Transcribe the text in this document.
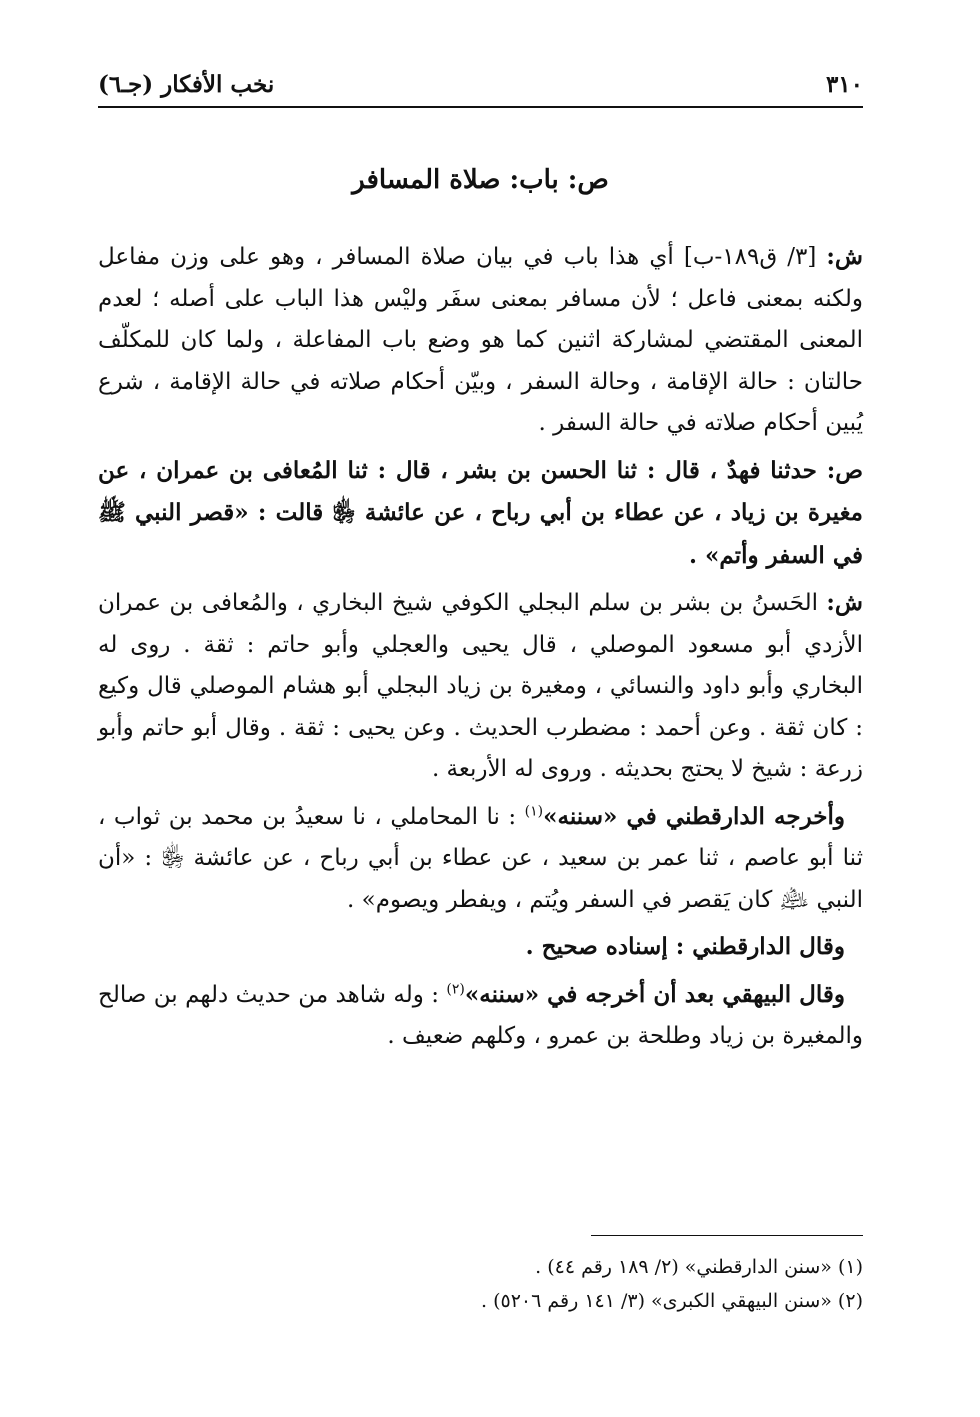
٣١٠
نخب الأفكار (جـ٦)
ص: باب: صلاة المسافر

ش: [٣/ ق١٨٩-ب] أي هذا باب في بيان صلاة المسافر ، وهو على وزن مفاعل ولكنه بمعنى فاعل ؛ لأن مسافر بمعنى سفَر وليْس هذا الباب على أصله ؛ لعدم المعنى المقتضي لمشاركة اثنين كما هو وضع باب المفاعلة ، ولما كان للمكلّف حالتان : حالة الإقامة ، وحالة السفر ، وبيّن أحكام صلاته في حالة الإقامة ، شرع يُبين أحكام صلاته في حالة السفر .

ص: حدثنا فهدٌ ، قال : ثنا الحسن بن بشر ، قال : ثنا المُعافى بن عمران ، عن مغيرة بن زياد ، عن عطاء بن أبي رباح ، عن عائشة ﵂ قالت : «قصر النبي ﷺ في السفر وأتم» .

ش: الحَسنُ بن بشر بن سلم البجلي الكوفي شيخ البخاري ، والمُعافى بن عمران الأزدي أبو مسعود الموصلي ، قال يحيى والعجلي وأبو حاتم : ثقة . روى له البخاري وأبو داود والنسائي ، ومغيرة بن زياد البجلي أبو هشام الموصلي قال وكيع : كان ثقة . وعن أحمد : مضطرب الحديث . وعن يحيى : ثقة . وقال أبو حاتم وأبو زرعة : شيخ لا يحتج بحديثه . وروى له الأربعة .

وأخرجه الدارقطني في «سننه»$^{(١)}$ : نا المحاملي ، نا سعيدُ بن محمد بن ثواب ، ثنا أبو عاصم ، ثنا عمر بن سعيد ، عن عطاء بن أبي رباح ، عن عائشة ﵂ : «أن النبي ﵇ كان يَقصر في السفر ويُتم ، ويفطر ويصوم» .

وقال الدارقطني : إسناده صحيح .

وقال البيهقي بعد أن أخرجه في «سننه»$^{(٢)}$ : وله شاهد من حديث دلهم بن صالح والمغيرة بن زياد وطلحة بن عمرو ، وكلهم ضعيف .

(١) «سنن الدارقطني» (٢/ ١٨٩ رقم ٤٤) .

(٢) «سنن البيهقي الكبرى» (٣/ ١٤١ رقم ٥٢٠٦) .
